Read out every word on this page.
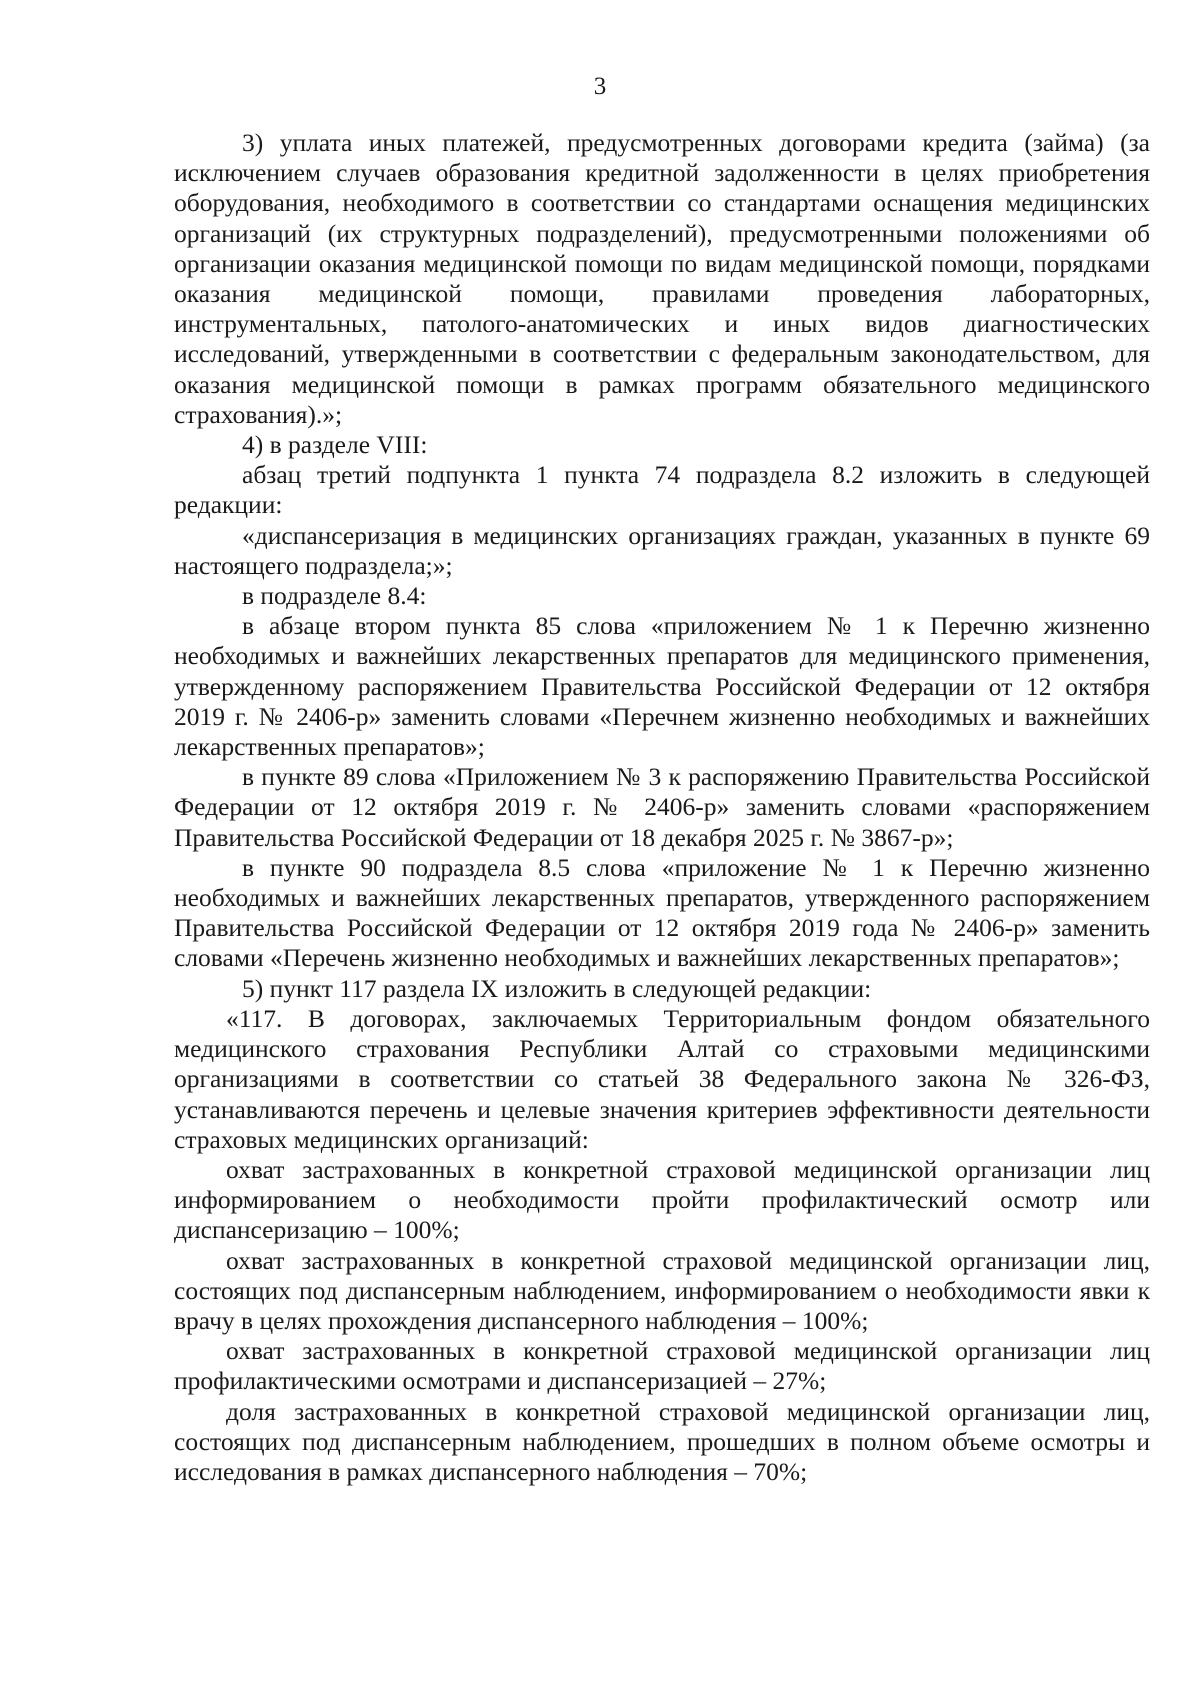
3

3) уплата иных платежей, предусмотренных договорами кредита (займа) (за исключением случаев образования кредитной задолженности в целях приобретения оборудования, необходимого в соответствии со стандартами оснащения медицинских организаций (их структурных подразделений), предусмотренными положениями об организации оказания медицинской помощи по видам медицинской помощи, порядками оказания медицинской помощи, правилами проведения лабораторных, инструментальных, патолого-анатомических и иных видов диагностических исследований, утвержденными в соответствии с федеральным законодательством, для оказания медицинской помощи в рамках программ обязательного медицинского страхования).»;

4) в разделе VIII:

абзац третий подпункта 1 пункта 74 подраздела 8.2 изложить в следующей редакции:

«диспансеризация в медицинских организациях граждан, указанных в пункте 69 настоящего подраздела;»;

в подразделе 8.4:

в абзаце втором пункта 85 слова «приложением № 1 к Перечню жизненно необходимых и важнейших лекарственных препаратов для медицинского применения, утвержденному распоряжением Правительства Российской Федерации от 12 октября 2019 г. № 2406-р» заменить словами «Перечнем жизненно необходимых и важнейших лекарственных препаратов»;

в пункте 89 слова «Приложением № 3 к распоряжению Правительства Российской Федерации от 12 октября 2019 г. № 2406-р» заменить словами «распоряжением Правительства Российской Федерации от 18 декабря 2025 г. № 3867-р»;

в пункте 90 подраздела 8.5 слова «приложение № 1 к Перечню жизненно необходимых и важнейших лекарственных препаратов, утвержденного распоряжением Правительства Российской Федерации от 12 октября 2019 года № 2406-р» заменить словами «Перечень жизненно необходимых и важнейших лекарственных препаратов»;

5) пункт 117 раздела IX изложить в следующей редакции:

«117. В договорах, заключаемых Территориальным фондом обязательного медицинского страхования Республики Алтай со страховыми медицинскими организациями в соответствии со статьей 38 Федерального закона № 326-ФЗ, устанавливаются перечень и целевые значения критериев эффективности деятельности страховых медицинских организаций:

охват застрахованных в конкретной страховой медицинской организации лиц информированием о необходимости пройти профилактический осмотр или диспансеризацию – 100%;

охват застрахованных в конкретной страховой медицинской организации лиц, состоящих под диспансерным наблюдением, информированием о необходимости явки к врачу в целях прохождения диспансерного наблюдения – 100%;

охват застрахованных в конкретной страховой медицинской организации лиц профилактическими осмотрами и диспансеризацией – 27%;

доля застрахованных в конкретной страховой медицинской организации лиц, состоящих под диспансерным наблюдением, прошедших в полном объеме осмотры и исследования в рамках диспансерного наблюдения – 70%;
